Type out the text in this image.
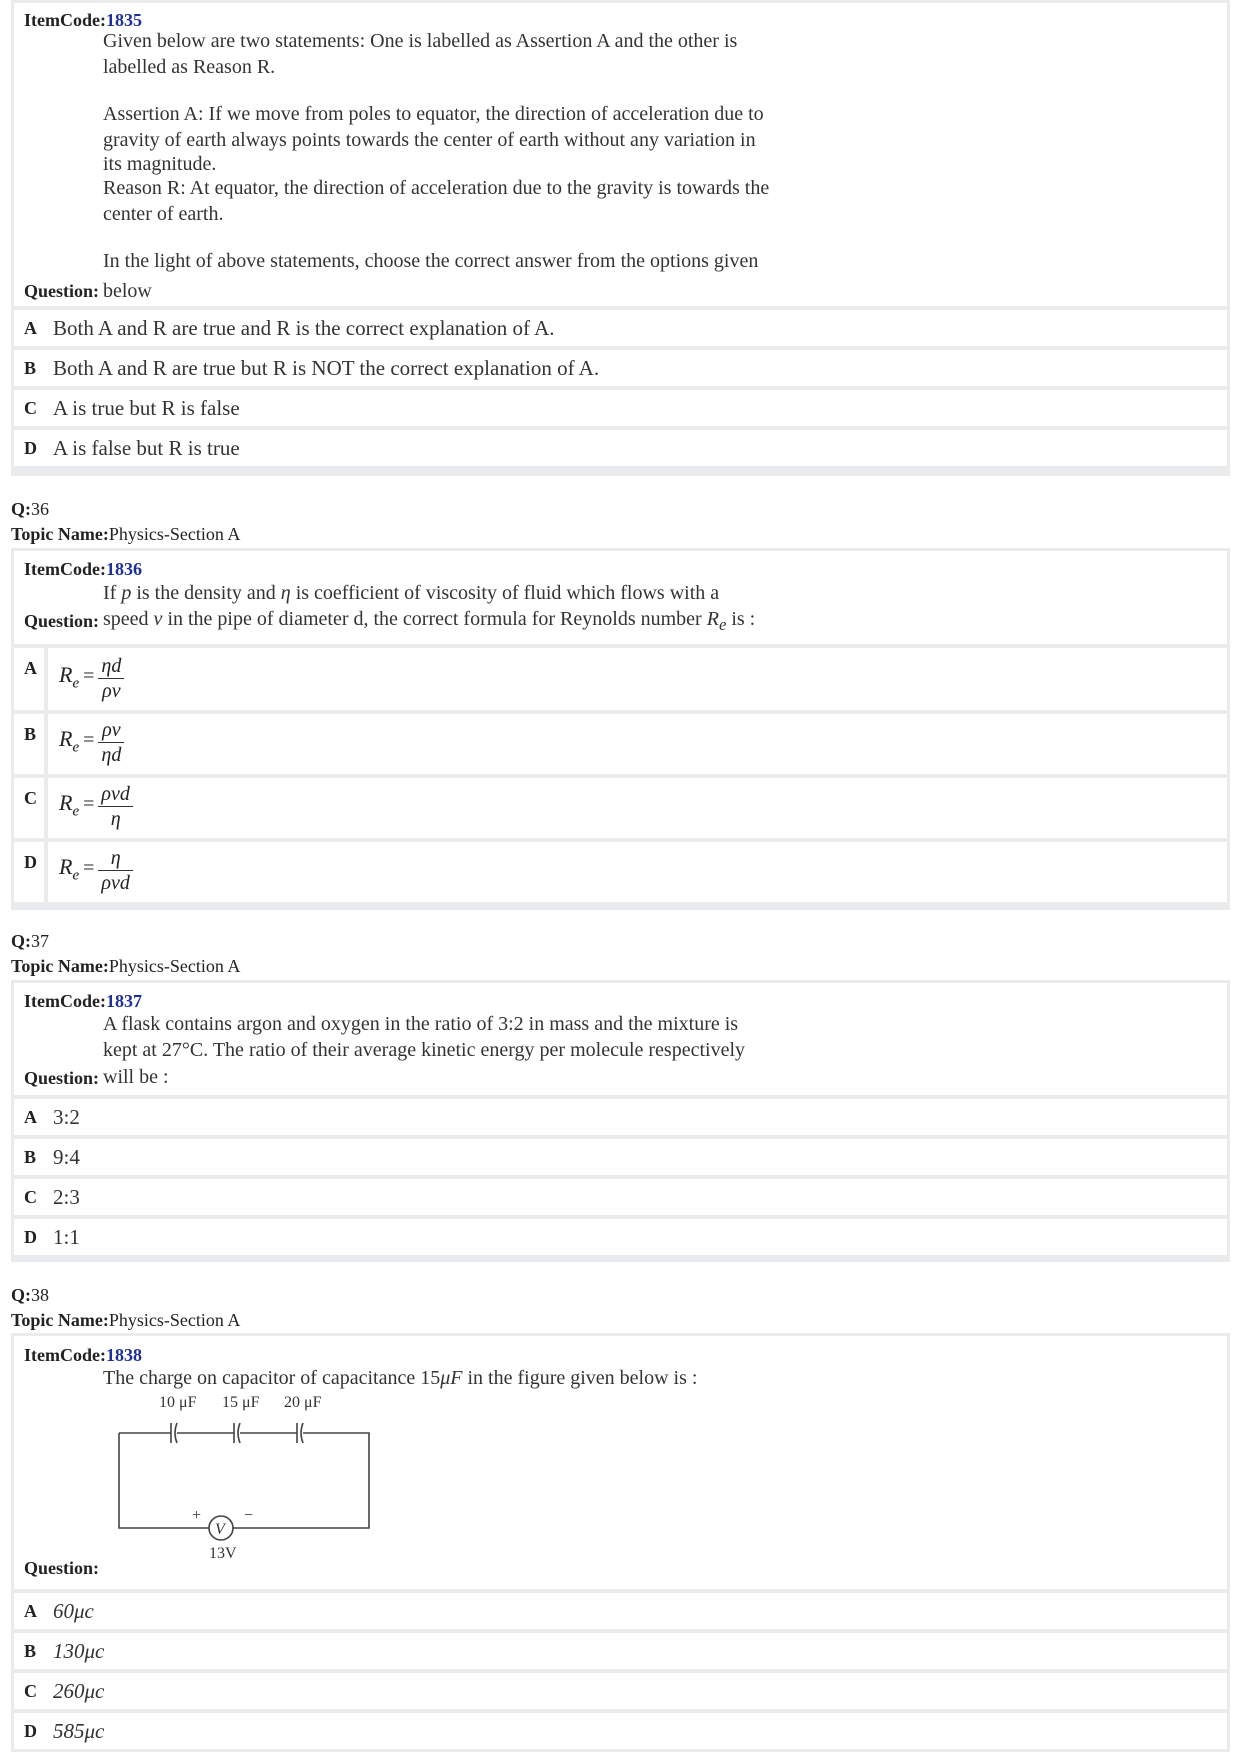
ItemCode:1835
Given below are two statements: One is labelled as Assertion A and the other is
labelled as Reason R.
Assertion A: If we move from poles to equator, the direction of acceleration due to
gravity of earth always points towards the center of earth without any variation in
its magnitude.
Reason R: At equator, the direction of acceleration due to the gravity is towards the
center of earth.
In the light of above statements, choose the correct answer from the options given
Question: below
A Both A and R are true and R is the correct explanation of A.
B Both A and R are true but R is NOT the correct explanation of A.
C A is true but R is false
D A is false but R is true
Q:36
Topic Name:Physics-Section A
ItemCode:1836
If p is the density and η is coefficient of viscosity of fluid which flows with a
Question: speed v in the pipe of diameter d, the correct formula for Reynolds number $R_e$ is :
A $R_e = \frac{\eta d}{\rho\nu}$
B $R_e = \frac{\rho\nu}{\eta d}$
C $R_e = \frac{\text{ρνd}}{\eta}$
D $R_e = \frac{\eta}{\text{ρνd}}$
Q:37
Topic Name:Physics-Section A
ItemCode:1837
A flask contains argon and oxygen in the ratio of 3:2 in mass and the mixture is
kept at 27°C. The ratio of their average kinetic energy per molecule respectively
Question: will be :
A 3:2
B 9:4
C 2:3
D 1:1
Q:38
Topic Name:Physics-Section A
ItemCode:1838
The charge on capacitor of capacitance 15μF in the figure given below is :
10 μF 15 μF 20 μF
+	−
V
13V
Question:
A 60μc
B 130μc
C 260μc
D 585μc
